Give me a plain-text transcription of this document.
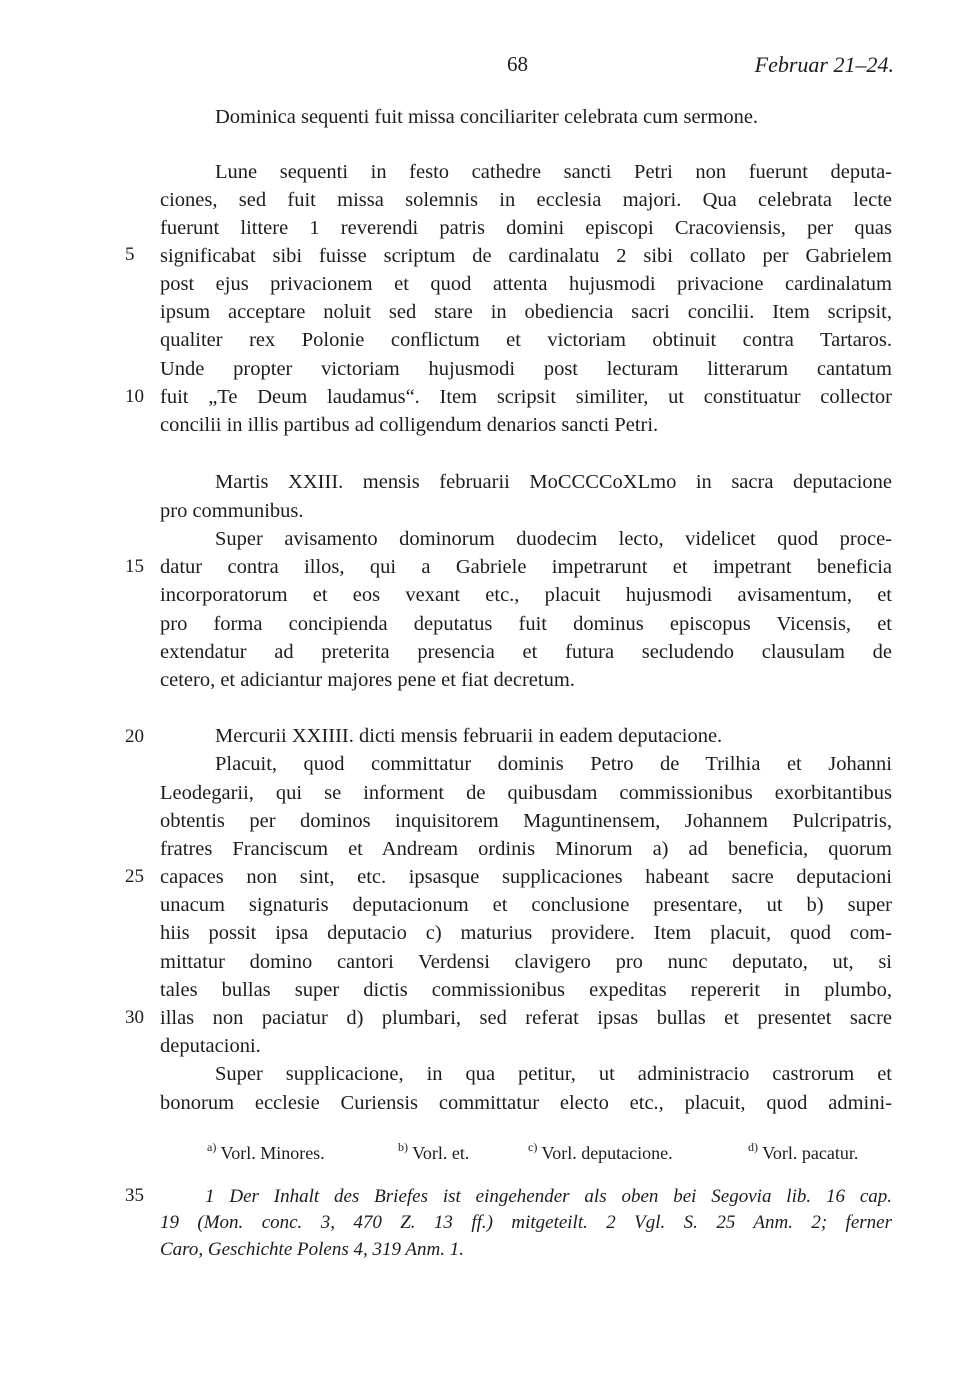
68	Februar 21–24.
5
10
15
20
25
30
35
Dominica sequenti fuit missa conciliariter celebrata cum sermone.
Lune sequenti in festo cathedre sancti Petri non fuerunt deputa-
ciones, sed fuit missa solemnis in ecclesia majori. Qua celebrata lecte
fuerunt littere 1 reverendi patris domini episcopi Cracoviensis, per quas
significabat sibi fuisse scriptum de cardinalatu 2 sibi collato per Gabrielem
post ejus privacionem et quod attenta hujusmodi privacione cardinalatum
ipsum acceptare noluit sed stare in obediencia sacri concilii. Item scripsit,
qualiter rex Polonie conflictum et victoriam obtinuit contra Tartaros.
Unde propter victoriam hujusmodi post lecturam litterarum cantatum
fuit „Te Deum laudamus“. Item scripsit similiter, ut constituatur collector
concilii in illis partibus ad colligendum denarios sancti Petri.
Martis XXIII. mensis februarii MoCCCCoXLmo in sacra deputacione
pro communibus.
Super avisamento dominorum duodecim lecto, videlicet quod proce-
datur contra illos, qui a Gabriele impetrarunt et impetrant beneficia
incorporatorum et eos vexant etc., placuit hujusmodi avisamentum, et
pro forma concipienda deputatus fuit dominus episcopus Vicensis, et
extendatur ad preterita presencia et futura secludendo clausulam de
cetero, et adiciantur majores pene et fiat decretum.
Mercurii XXIIII. dicti mensis februarii in eadem deputacione.
Placuit, quod committatur dominis Petro de Trilhia et Johanni
Leodegarii, qui se informent de quibusdam commissionibus exorbitantibus
obtentis per dominos inquisitorem Maguntinensem, Johannem Pulcripatris,
fratres Franciscum et Andream ordinis Minorum a) ad beneficia, quorum
capaces non sint, etc. ipsasque supplicaciones habeant sacre deputacioni
unacum signaturis deputacionum et conclusione presentare, ut b) super
hiis possit ipsa deputacio c) maturius providere. Item placuit, quod com-
mittatur domino cantori Verdensi clavigero pro nunc deputato, ut, si
tales bullas super dictis commissionibus expeditas repererit in plumbo,
illas non paciatur d) plumbari, sed referat ipsas bullas et presentet sacre
deputacioni.
Super supplicacione, in qua petitur, ut administracio castrorum et
bonorum ecclesie Curiensis committatur electo etc., placuit, quod admini-
$^{a)}$ Vorl. Minores.	$^{b)}$ Vorl. et.	$^{c)}$ Vorl. deputacione.	$^{d)}$ Vorl. pacatur.
1 Der Inhalt des Briefes ist eingehender als oben bei Segovia lib. 16 cap.
19 (Mon. conc. 3, 470 Z. 13 ff.) mitgeteilt. 2 Vgl. S. 25 Anm. 2; ferner
Caro, Geschichte Polens 4, 319 Anm. 1.
